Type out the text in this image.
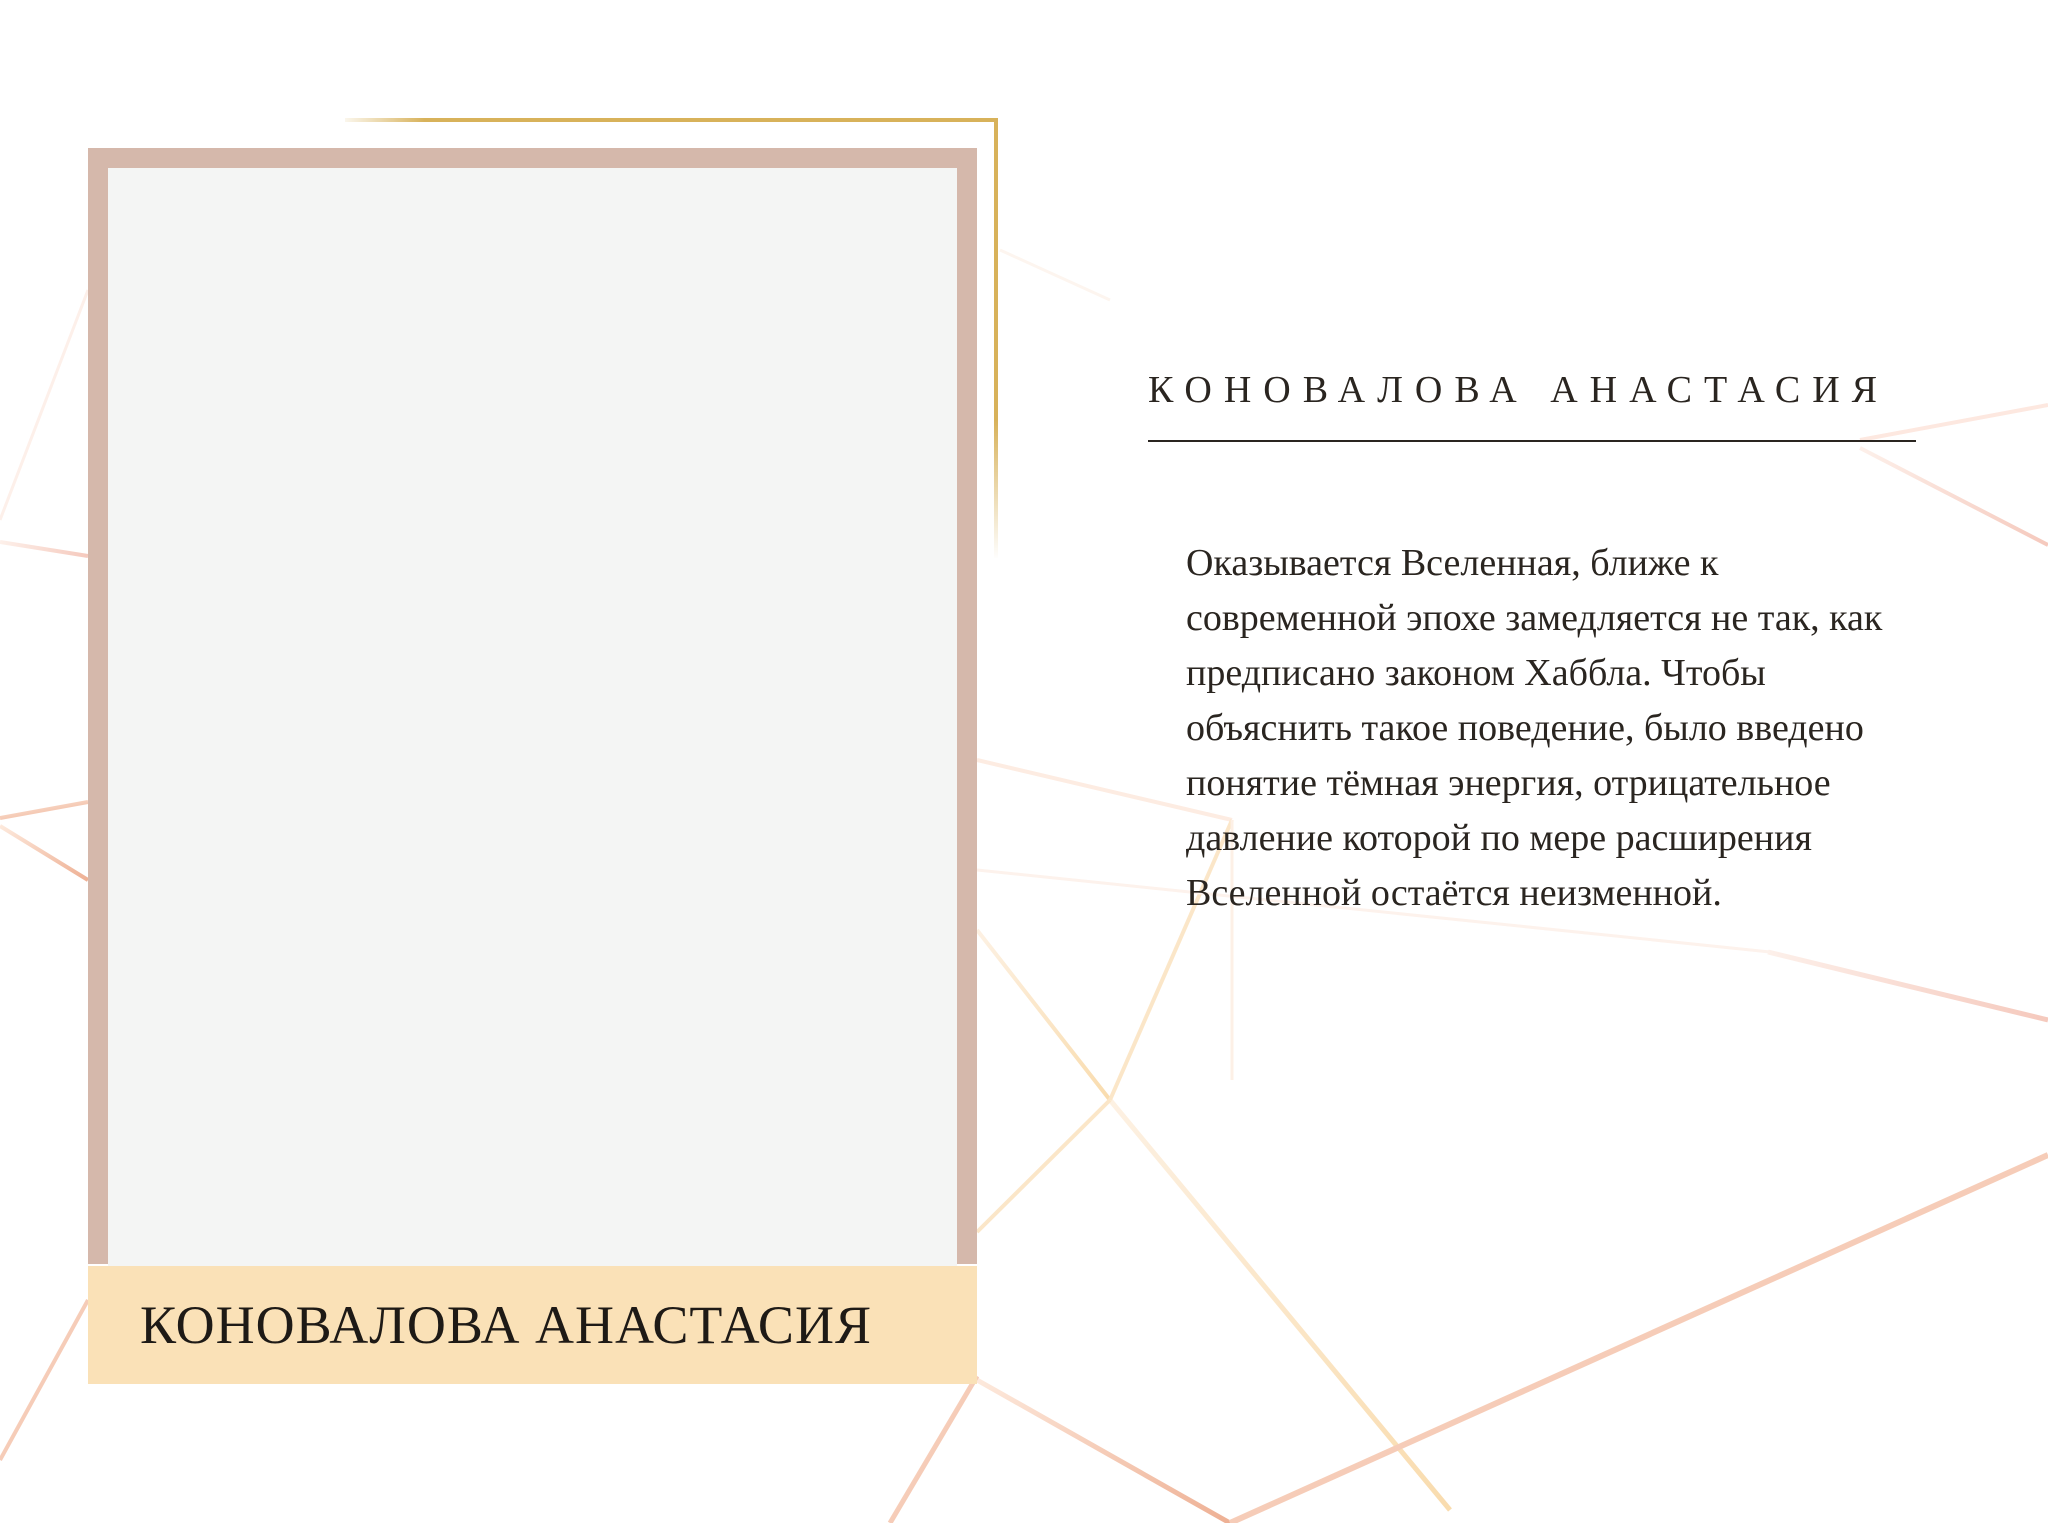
КОНОВАЛОВА АНАСТАСИЯ
КОНОВАЛОВА АНАСТАСИЯ
Оказывается Вселенная, ближе к современной эпохе замедляется не так, как предписано законом Хаббла. Чтобы объяснить такое поведение, было введено понятие тёмная энергия, отрицательное давление которой по мере расширения Вселенной остаётся неизменной.
